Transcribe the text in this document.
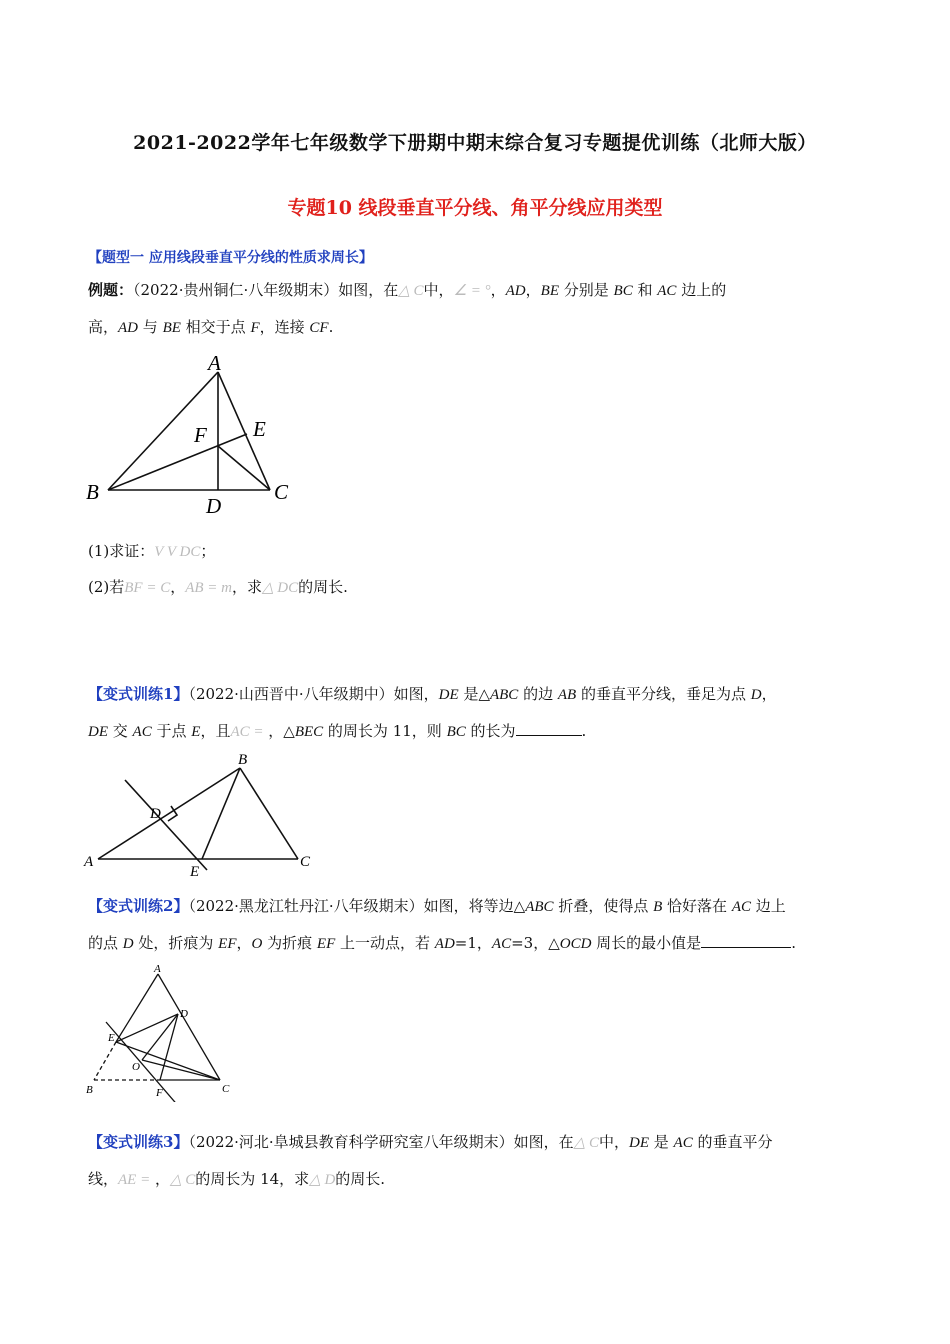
2021-2022学年七年级数学下册期中期末综合复习专题提优训练（北师大版）
专题10 线段垂直平分线、角平分线应用类型
【题型一 应用线段垂直平分线的性质求周长】
例题：（2022·贵州铜仁·八年级期末）如图，在△ C中，∠ = °，AD，BE 分别是 BC 和 AC 边上的
高，AD 与 BE 相交于点 F，连接 CF.
A
B	C
D
E
F
(1)求证：V V DC；
(2)若BF = C，AB = m，求△ DC的周长.
【变式训练1】（2022·山西晋中·八年级期中）如图，DE 是△ABC 的边 AB 的垂直平分线，垂足为点 D，
DE 交 AC 于点 E，且AC = ，△BEC 的周长为 11，则 BC 的长为	.
A
B
C
D
E
【变式训练2】（2022·黑龙江牡丹江·八年级期末）如图，将等边△ABC 折叠，使得点 B 恰好落在 AC 边上
的点 D 处，折痕为 EF，O 为折痕 EF 上一动点，若 AD=1，AC=3，△OCD 周长的最小值是	.
A
B	C
D
E
F
O
【变式训练3】（2022·河北·阜城县教育科学研究室八年级期末）如图，在△ C中，DE 是 AC 的垂直平分
线，AE = ，△ C的周长为 14，求△ D的周长.
